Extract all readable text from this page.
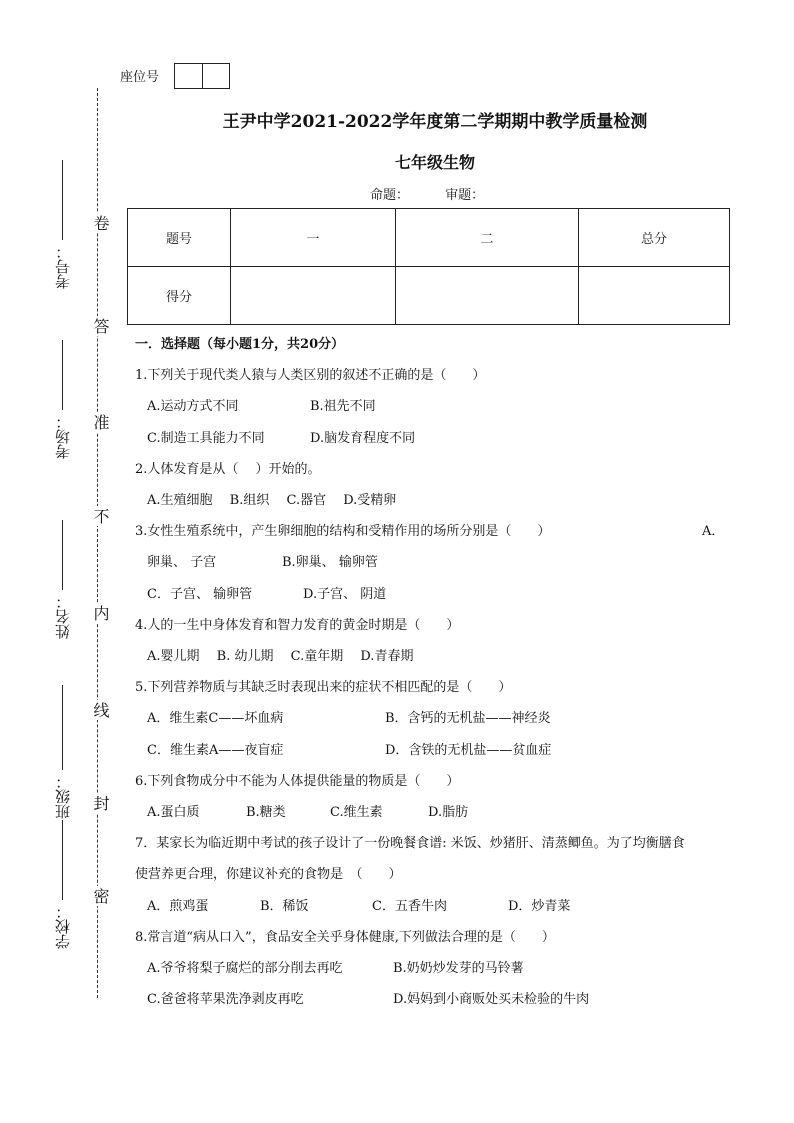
卷
答
准
不
内
线
封
密
考号：
考场：
姓名：
班级：
学校：
座位号
王尹中学2021-2022学年度第二学期期中教学质量检测
七年级生物
命题：	审题：
题号	一	二	总分
得分			
一．选择题（每小题1分，共20分）
1.下列关于现代类人猿与人类区别的叙述不正确的是（　　）
A.运动方式不同	B.祖先不同
C.制造工具能力不同	D.脑发育程度不同
2.人体发育是从（　 ）开始的。
A.生殖细胞　 B.组织　 C.器官　 D.受精卵
3.女性生殖系统中，产生卵细胞的结构和受精作用的场所分别是（　　）	A．
卵巢、 子宫	B.卵巢、 输卵管
C．子宫、 输卵管	D.子宫、 阴道
4.人的一生中身体发育和智力发育的黄金时期是（　　）
A.婴儿期　 B. 幼儿期　 C.童年期　 D.青春期
5.下列营养物质与其缺乏时表现出来的症状不相匹配的是（　　）
A．维生素C——坏血病	B．含钙的无机盐——神经炎
C．维生素A——夜盲症	D．含铁的无机盐——贫血症
6.下列食物成分中不能为人体提供能量的物质是（　　）
A.蛋白质	B.糖类	C.维生素	D.脂肪
7．某家长为临近期中考试的孩子设计了一份晚餐食谱: 米饭、炒猪肝、清蒸鲫鱼。为了均衡膳食
使营养更合理，你建议补充的食物是　（　　）
A．煎鸡蛋	B．稀饭	C．五香牛肉	D．炒青菜
8.常言道“病从口入”，食品安全关乎身体健康,下列做法合理的是（　　）
A.爷爷将梨子腐烂的部分削去再吃	B.奶奶炒发芽的马铃薯
C.爸爸将苹果洗净剥皮再吃	D.妈妈到小商贩处买未检验的牛肉
